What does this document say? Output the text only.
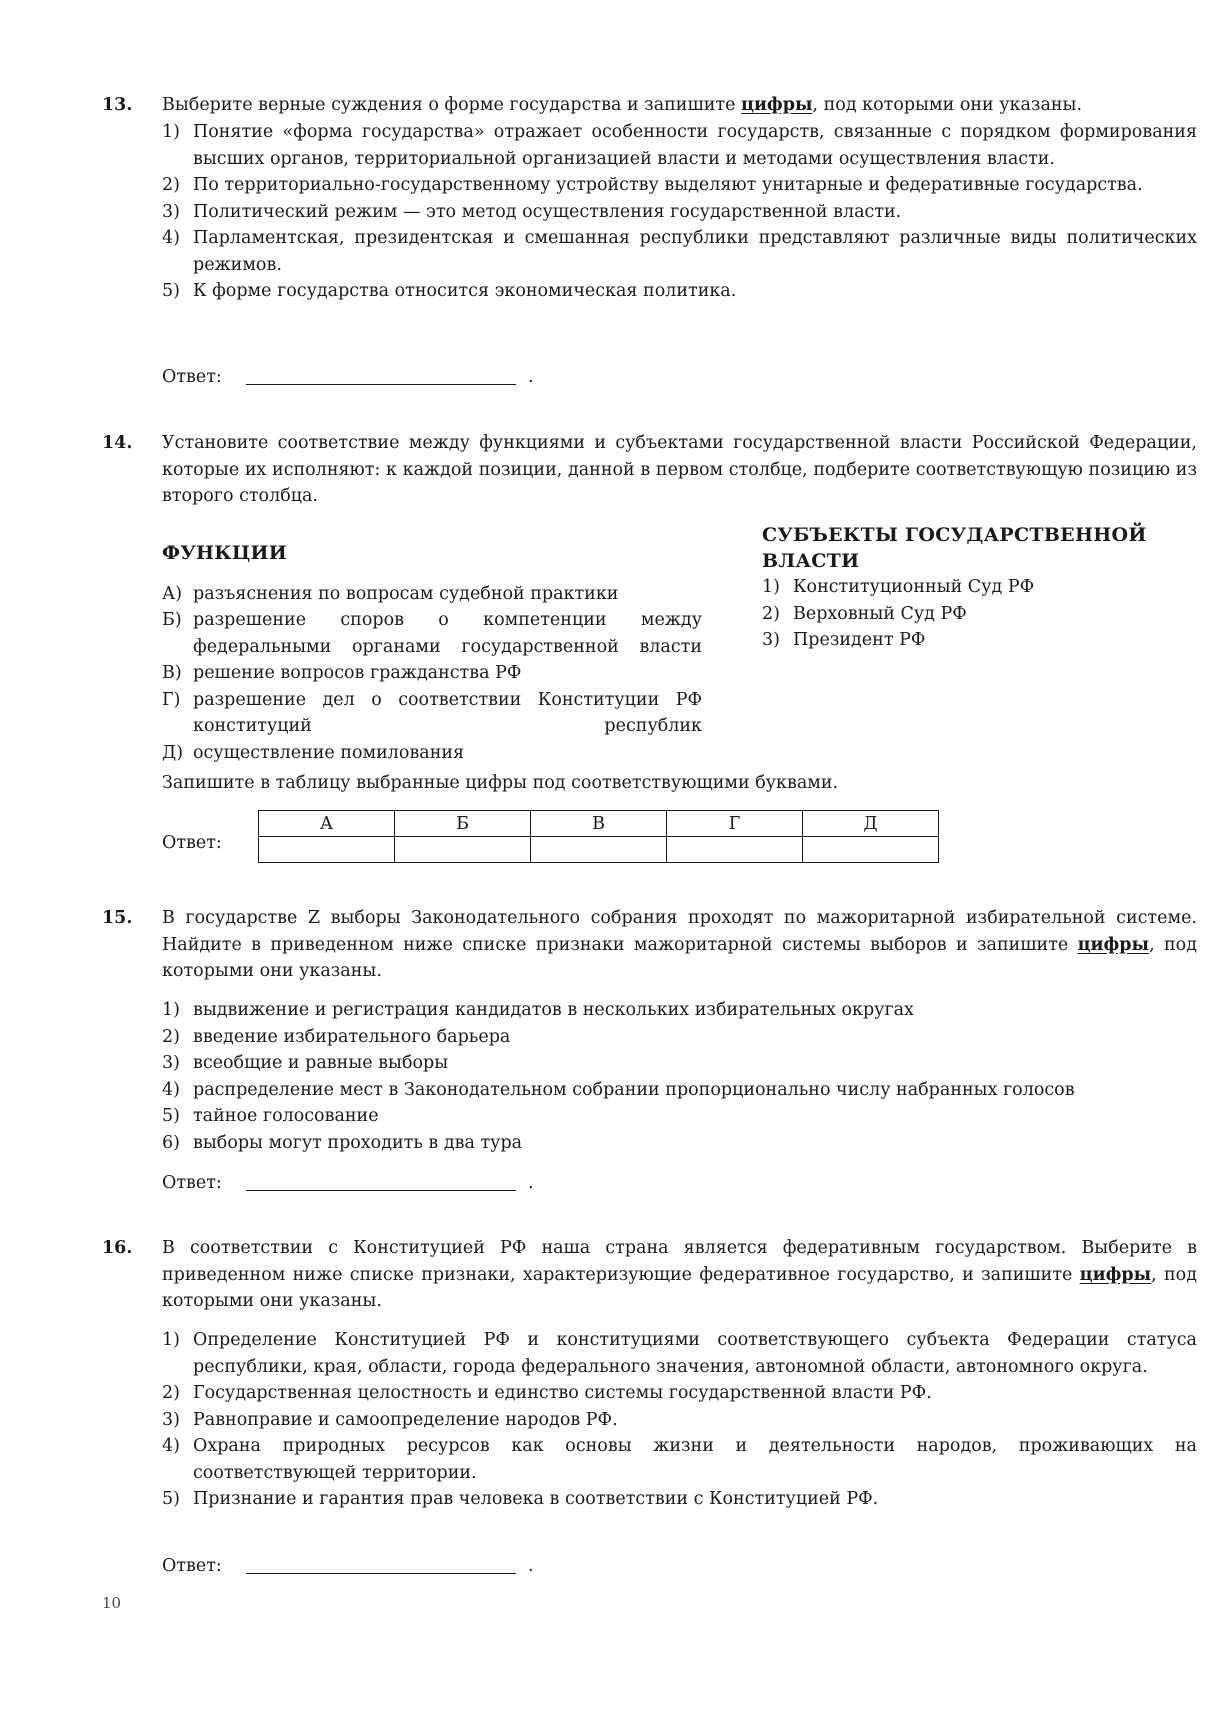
13. Выберите верные суждения о форме государства и запишите цифры, под которыми они указаны.
1) Понятие «форма государства» отражает особенности государств, связанные с порядком формирования высших органов, территориальной организацией власти и методами осуществления власти.
2) По территориально-государственному устройству выделяют унитарные и федеративные государства.
3) Политический режим — это метод осуществления государственной власти.
4) Парламентская, президентская и смешанная республики представляют различные виды политических режимов.
5) К форме государства относится экономическая политика.
Ответ:	.
14. Установите соответствие между функциями и субъектами государственной власти Российской Федерации, которые их исполняют: к каждой позиции, данной в первом столбце, подберите соответствующую позицию из второго столбца.
ФУНКЦИИ
А) разъяснения по вопросам судебной практики
Б) разрешение споров о компетенции между федеральными органами государственной власти
В) решение вопросов гражданства РФ
Г) разрешение дел о соответствии Конституции РФ конституций республик
Д) осуществление помилования
СУБЪЕКТЫ ГОСУДАРСТВЕННОЙ ВЛАСТИ
1) Конституционный Суд РФ
2) Верховный Суд РФ
3) Президент РФ
Запишите в таблицу выбранные цифры под соответствующими буквами.
Ответ:
А	Б	В	Г	Д

15. В государстве Z выборы Законодательного собрания проходят по мажоритарной избирательной системе. Найдите в приведенном ниже списке признаки мажоритарной системы выборов и запишите цифры, под которыми они указаны.
1) выдвижение и регистрация кандидатов в нескольких избирательных округах
2) введение избирательного барьера
3) всеобщие и равные выборы
4) распределение мест в Законодательном собрании пропорционально числу набранных голосов
5) тайное голосование
6) выборы могут проходить в два тура
Ответ:	.
16. В соответствии с Конституцией РФ наша страна является федеративным государством. Выберите в приведенном ниже списке признаки, характеризующие федеративное государство, и запишите цифры, под которыми они указаны.
1) Определение Конституцией РФ и конституциями соответствующего субъекта Федерации статуса республики, края, области, города федерального значения, автономной области, автономного округа.
2) Государственная целостность и единство системы государственной власти РФ.
3) Равноправие и самоопределение народов РФ.
4) Охрана природных ресурсов как основы жизни и деятельности народов, проживающих на соответствующей территории.
5) Признание и гарантия прав человека в соответствии с Конституцией РФ.
Ответ:	.
10
